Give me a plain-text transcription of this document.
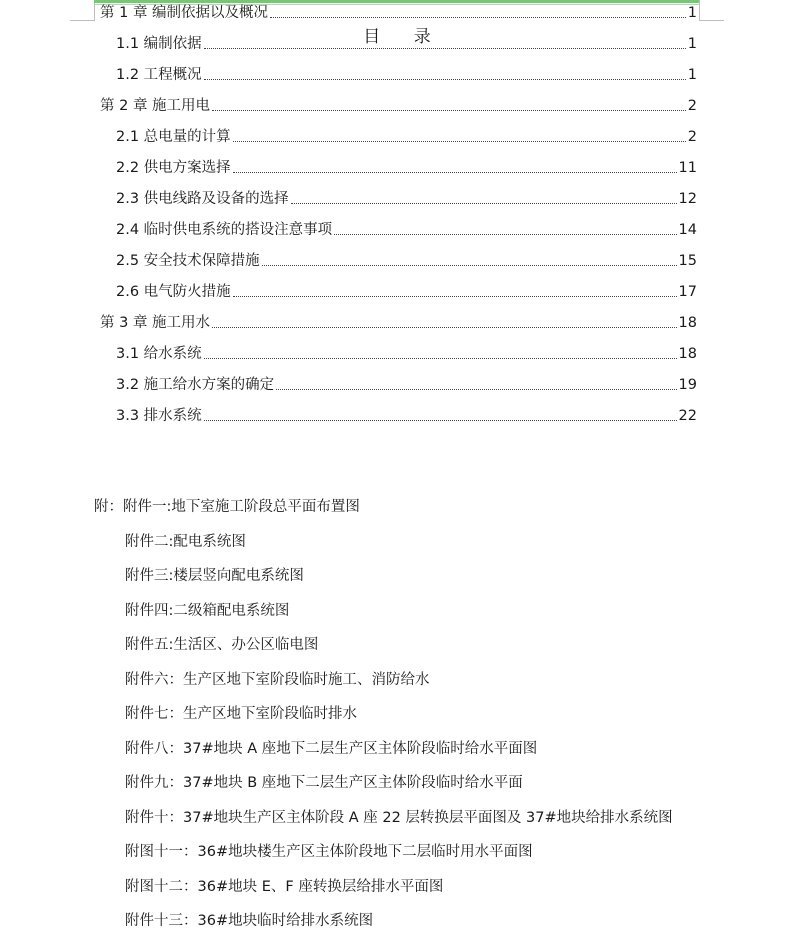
目 录
第 1 章 编制依据以及概况	1
1.1 编制依据	1
1.2 工程概况	1
第 2 章 施工用电	2
2.1 总电量的计算	2
2.2 供电方案选择	11
2.3 供电线路及设备的选择	12
2.4 临时供电系统的搭设注意事项	14
2.5 安全技术保障措施	15
2.6 电气防火措施	17
第 3 章 施工用水	18
3.1 给水系统	18
3.2 施工给水方案的确定	19
3.3 排水系统	22
附：附件一:地下室施工阶段总平面布置图
附件二:配电系统图
附件三:楼层竖向配电系统图
附件四:二级箱配电系统图
附件五:生活区、办公区临电图
附件六：生产区地下室阶段临时施工、消防给水
附件七：生产区地下室阶段临时排水
附件八：37#地块 A 座地下二层生产区主体阶段临时给水平面图
附件九：37#地块 B 座地下二层生产区主体阶段临时给水平面
附件十：37#地块生产区主体阶段 A 座 22 层转换层平面图及 37#地块给排水系统图
附图十一：36#地块楼生产区主体阶段地下二层临时用水平面图
附图十二：36#地块 E、F 座转换层给排水平面图
附件十三：36#地块临时给排水系统图
